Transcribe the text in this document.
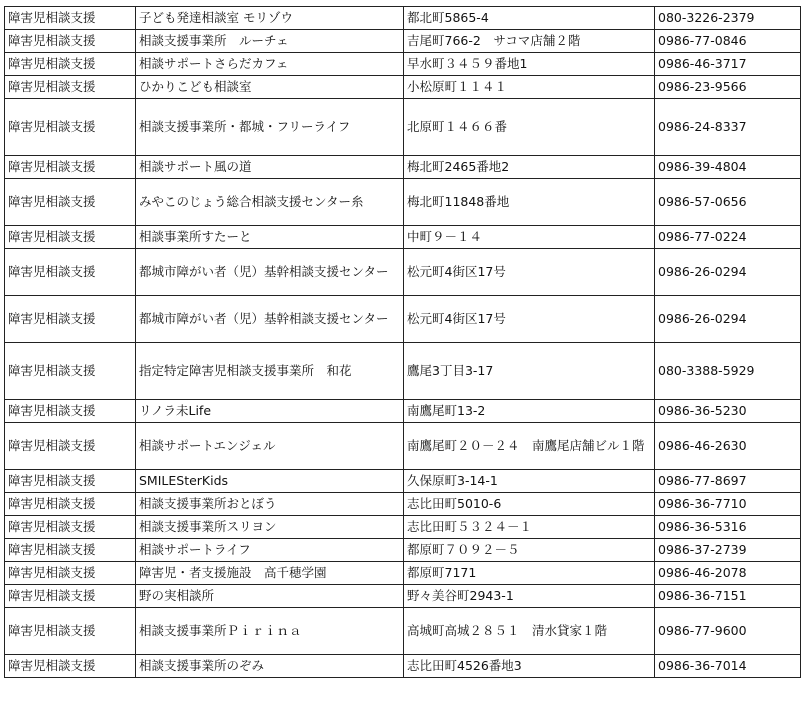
障害児相談支援	子ども発達相談室 モリゾウ	都北町5865-4	080-3226-2379
障害児相談支援	相談支援事業所　ルーチェ	吉尾町766-2　サコマ店舗２階	0986-77-0846
障害児相談支援	相談サポートさらだカフェ	早水町３４５９番地1	0986-46-3717
障害児相談支援	ひかりこども相談室	小松原町１１４１	0986-23-9566
障害児相談支援	相談支援事業所・都城・フリーライフ	北原町１４６６番	0986-24-8337
障害児相談支援	相談サポート風の道	梅北町2465番地2	0986-39-4804
障害児相談支援	みやこのじょう総合相談支援センター糸	梅北町11848番地	0986-57-0656
障害児相談支援	相談事業所すたーと	中町９－１４	0986-77-0224
障害児相談支援	都城市障がい者（児）基幹相談支援センター	松元町4街区17号	0986-26-0294
障害児相談支援	都城市障がい者（児）基幹相談支援センター	松元町4街区17号	0986-26-0294
障害児相談支援	指定特定障害児相談支援事業所　和花	鷹尾3丁目3-17	080-3388-5929
障害児相談支援	リノラ未Life	南鷹尾町13-2	0986-36-5230
障害児相談支援	相談サポートエンジェル	南鷹尾町２０－２４　南鷹尾店舗ビル１階	0986-46-2630
障害児相談支援	SMILESterKids	久保原町3-14-1	0986-77-8697
障害児相談支援	相談支援事業所おとぼう	志比田町5010-6	0986-36-7710
障害児相談支援	相談支援事業所スリヨン	志比田町５３２４－１	0986-36-5316
障害児相談支援	相談サポートライフ	都原町７０９２－５	0986-37-2739
障害児相談支援	障害児・者支援施設　高千穂学園	都原町7171	0986-46-2078
障害児相談支援	野の実相談所	野々美谷町2943-1	0986-36-7151
障害児相談支援	相談支援事業所Ｐｉｒｉｎａ	高城町高城２８５１　清水貸家１階	0986-77-9600
障害児相談支援	相談支援事業所のぞみ	志比田町4526番地3	0986-36-7014
